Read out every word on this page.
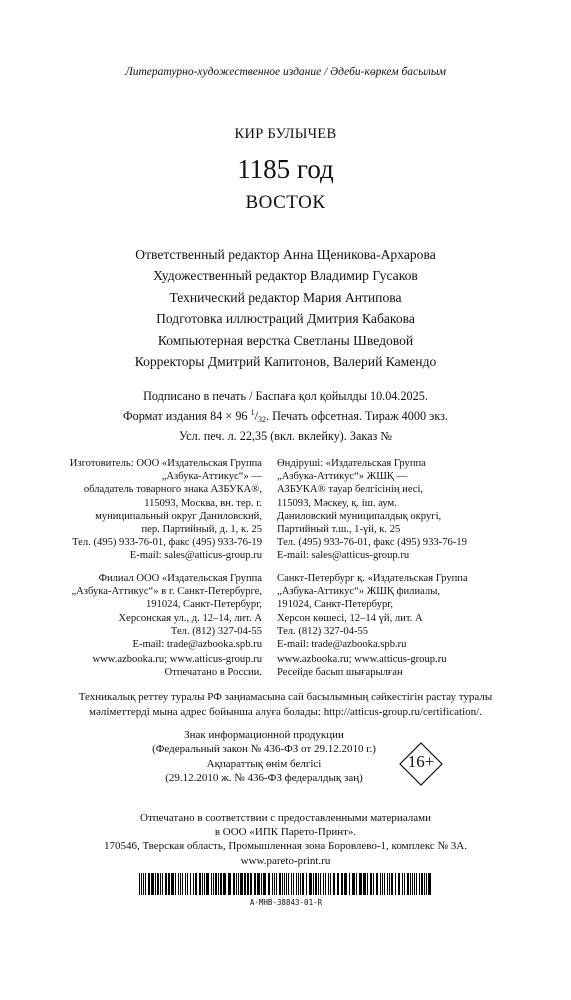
Литературно-художественное издание / Әдеби-көркем басылым
КИР БУЛЫЧЕВ
1185 год
ВОСТОК
Ответственный редактор Анна Щеникова-Архарова
Художественный редактор Владимир Гусаков
Технический редактор Мария Антипова
Подготовка иллюстраций Дмитрия Кабакова
Компьютерная верстка Светланы Шведовой
Корректоры Дмитрий Капитонов, Валерий Камендо
Подписано в печать / Баспаға қол қойылды 10.04.2025.
Формат издания 84 × 96 $^1/_{32}$. Печать офсетная. Тираж 4000 экз.
Усл. печ. л. 22,35 (вкл. вклейку). Заказ №
Изготовитель: ООО «Издательская Группа
„Азбука-Аттикус“» —
обладатель товарного знака АЗБУКА®,
115093, Москва, вн. тер. г.
муниципальный округ Даниловский,
пер. Партийный, д. 1, к. 25
Тел. (495) 933-76-01, факс (495) 933-76-19
E-mail: sales@atticus-group.ru
Өндіруші: «Издательская Группа
„Азбука-Аттикус“» ЖШҚ —
АЗБУКА® тауар белгісінің иесі,
115093, Мәскеу, қ. іш. аум.
Даниловский муниципалдық округі,
Партийный т.ш., 1-үй, к. 25
Тел. (495) 933-76-01, факс (495) 933-76-19
E-mail: sales@atticus-group.ru
Филиал ООО «Издательская Группа
„Азбука-Аттикус“» в г. Санкт-Петербурге,
191024, Санкт-Петербург,
Херсонская ул., д. 12–14, лит. А
Тел. (812) 327-04-55
E-mail: trade@azbooka.spb.ru
Санкт-Петербург қ. «Издательская Группа
„Азбука-Аттикус“» ЖШҚ филиалы,
191024, Санкт-Петербург,
Херсон көшесі, 12–14 үй, лит. А
Тел. (812) 327-04-55
E-mail: trade@azbooka.spb.ru
www.azbooka.ru; www.atticus-group.ru
Отпечатано в России.
www.azbooka.ru; www.atticus-group.ru
Ресейде басып шығарылған
Техникалық реттеу туралы РФ заңнамасына сай басылымның сәйкестігін растау туралы
мәліметтерді мына адрес бойынша алуға болады: http://atticus-group.ru/certification/.
Знак информационной продукции
(Федеральный закон № 436-ФЗ от 29.12.2010 г.)
Ақпараттық өнім белгісі
(29.12.2010 ж. № 436-ФЗ федералдық заң)
16+
Отпечатано в соответствии с предоставленными материалами
в ООО «ИПК Парето-Принт».
170546, Тверская область, Промышленная зона Боровлево-1, комплекс № 3А.
www.pareto-print.ru
A-MHB-38843-01-R
